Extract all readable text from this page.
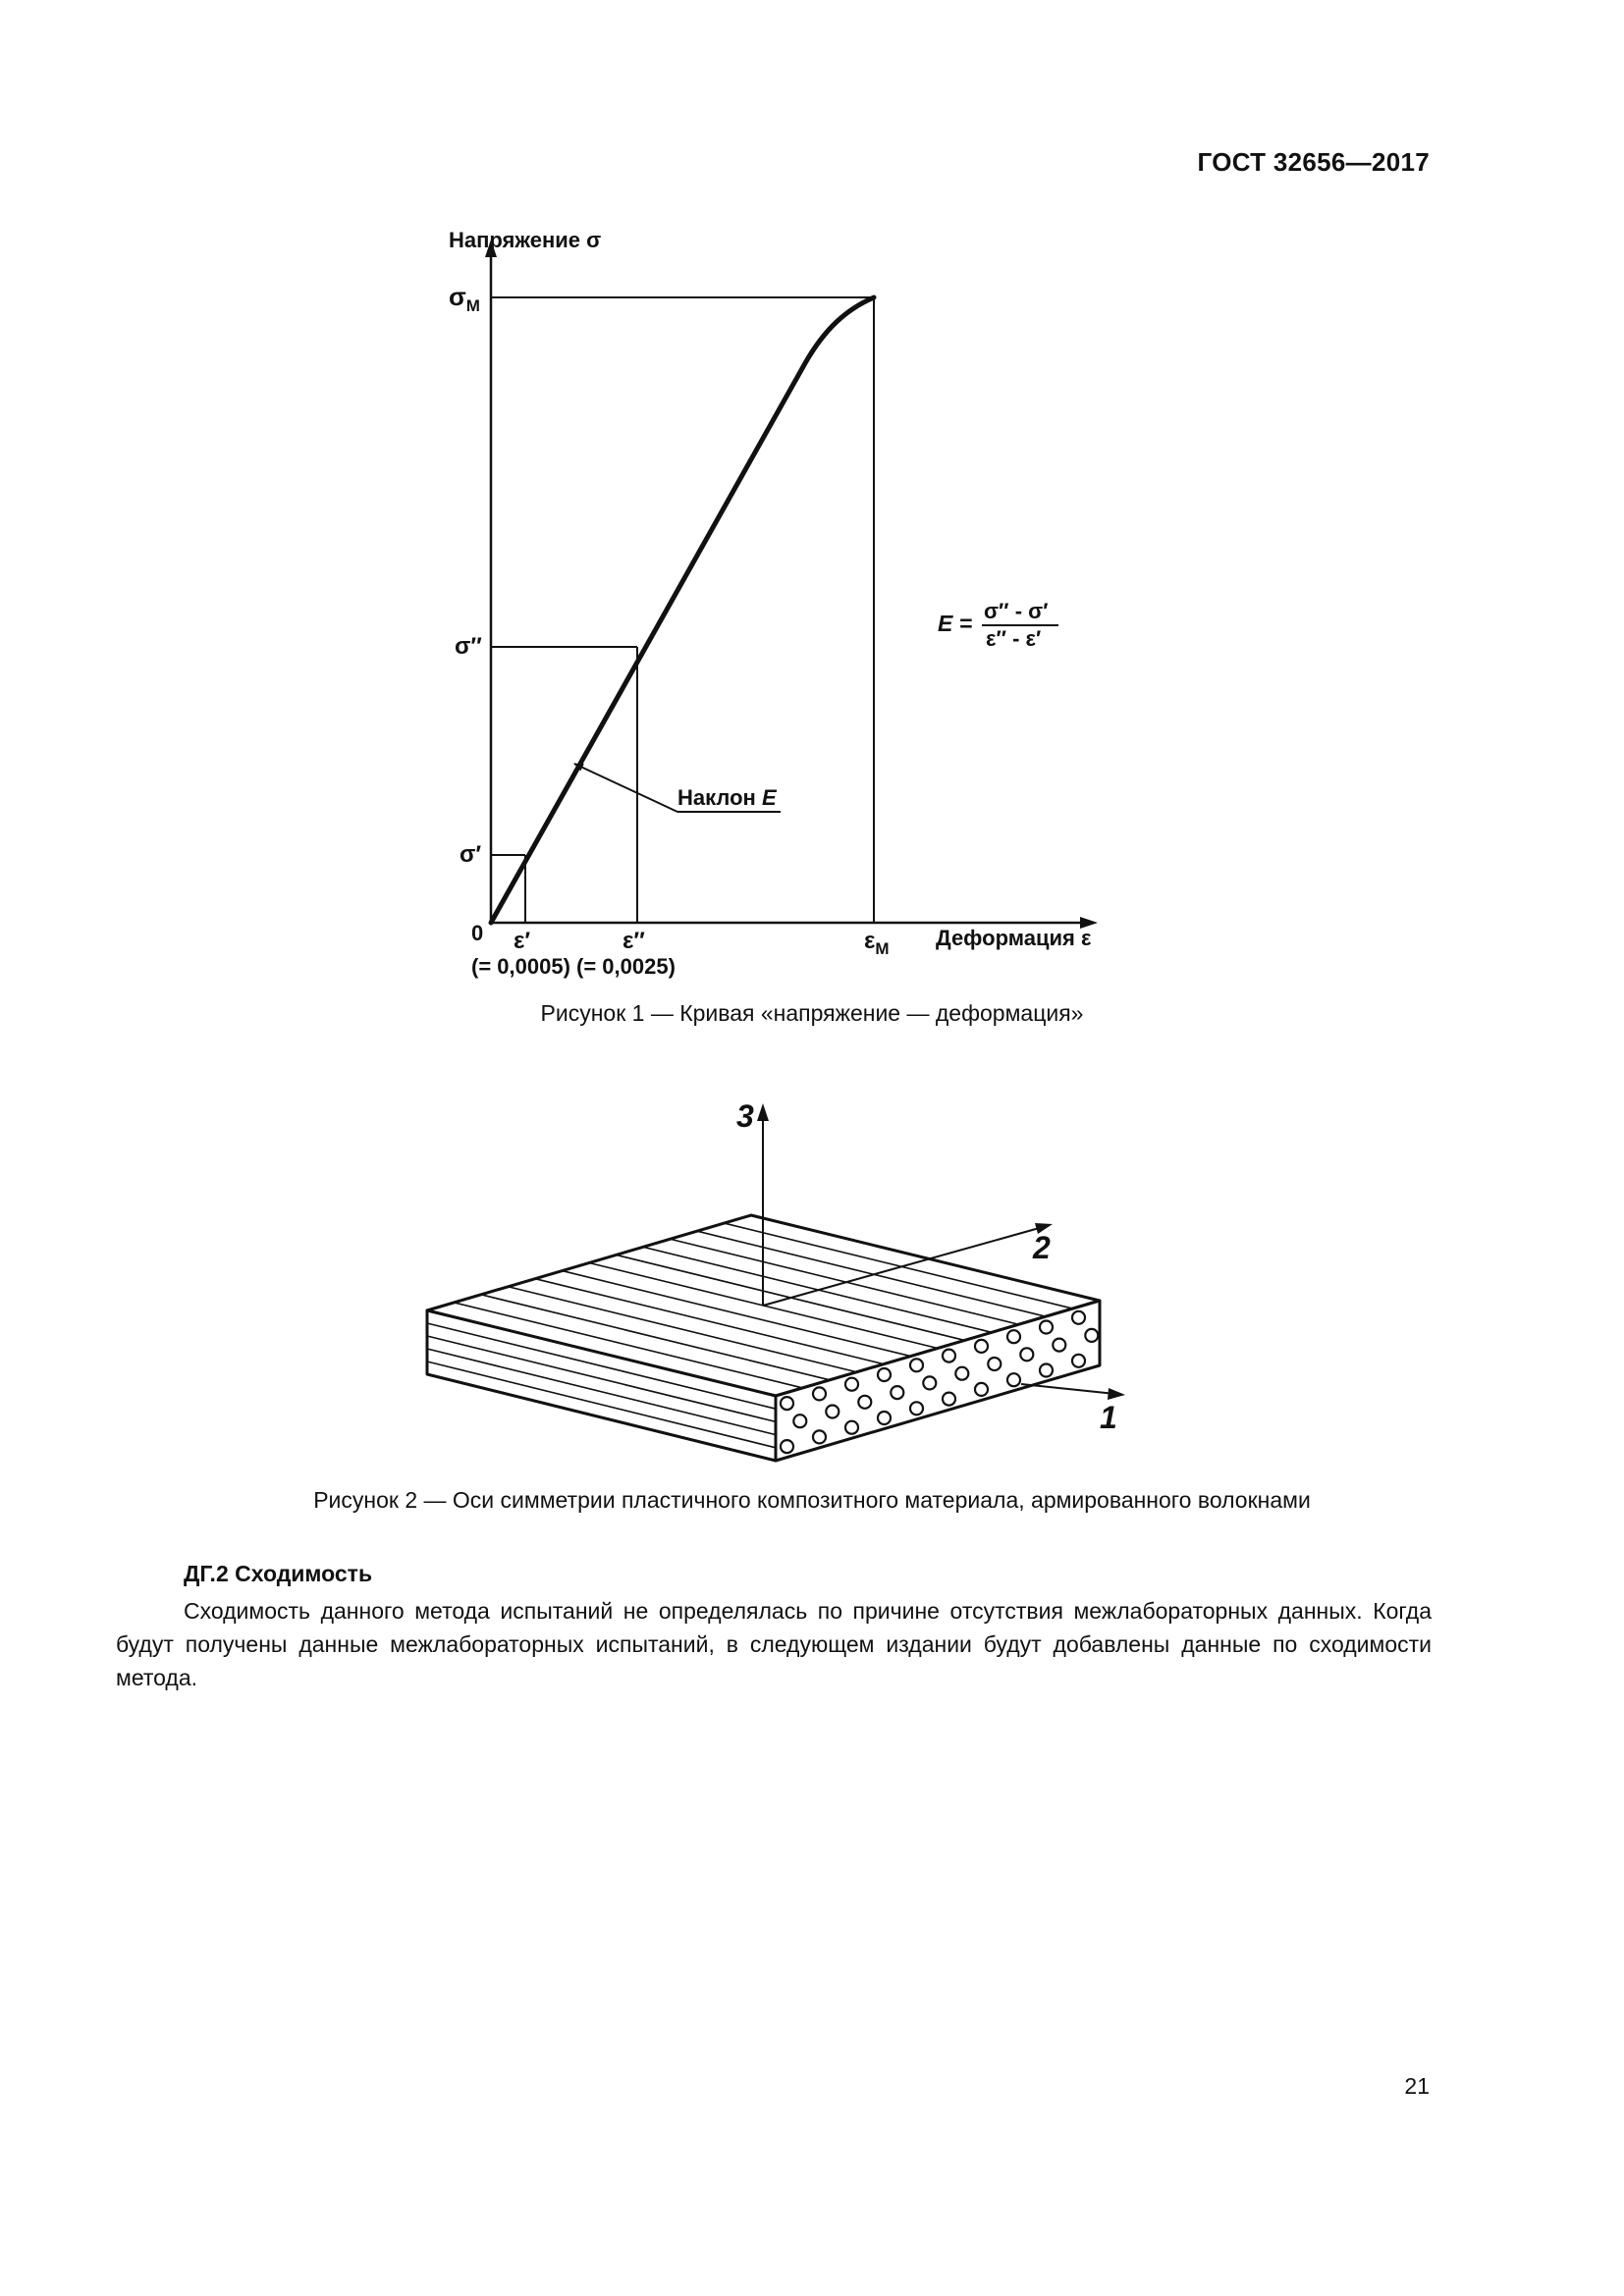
ГОСТ 32656—2017
Напряжение σ
$\sigma_M$
σ″
σ′
0 ε′	ε″	$\varepsilon_M$ Деформация ε
(= 0,0005) (= 0,0025)
Наклон E
E = σ″ - σ′
ε″ - ε′
Рисунок 1 — Кривая «напряжение — деформация»
3
2
1
Рисунок 2 — Оси симметрии пластичного композитного материала, армированного волокнами
ДГ.2 Сходимость

Сходимость данного метода испытаний не определялась по причине отсутствия межлабораторных данных. Когда будут получены данные межлабораторных испытаний, в следующем издании будут добавлены данные по сходимости метода.

21
